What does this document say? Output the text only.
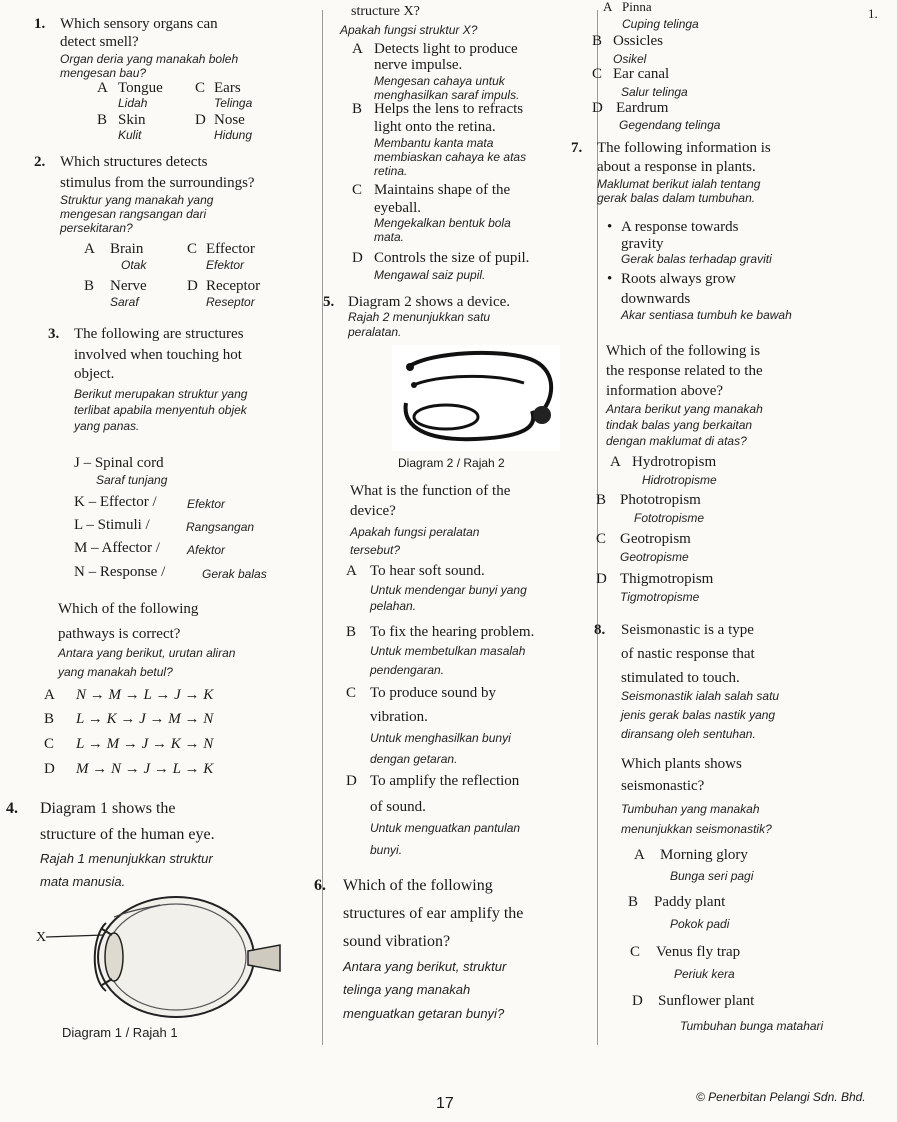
1. Which sensory organs can
detect smell?
Organ deria yang manakah boleh
mengesan bau?
A Tongue
Lidah
C Ears
Telinga
B Skin
Kulit
D Nose
Hidung
2. Which structures detects
stimulus from the surroundings?
Struktur yang manakah yang
mengesan rangsangan dari
persekitaran?
A Brain
Otak
C Effector
Efektor
B Nerve
Saraf
D Receptor
Reseptor
3. The following are structures
involved when touching hot
object.
Berikut merupakan struktur yang
terlibat apabila menyentuh objek
yang panas.
J – Spinal cord
Saraf tunjang
K – Effector /	Efektor
L – Stimuli /	Rangsangan
M – Affector / Afektor
N – Response /	Gerak balas
Which of the following
pathways is correct?
Antara yang berikut, urutan aliran
yang manakah betul?
A N → M → L → J → K
B L → K → J → M → N
C L → M → J → K → N
D M → N → J → L → K
4. Diagram 1 shows the
structure of the human eye.
Rajah 1 menunjukkan struktur
mata manusia.
X
Diagram 1 / Rajah 1
structure X?
Apakah fungsi struktur X?
A Detects light to produce
nerve impulse.
Mengesan cahaya untuk
menghasilkan saraf impuls.
B Helps the lens to refracts
light onto the retina.
Membantu kanta mata
membiaskan cahaya ke atas
retina.
C Maintains shape of the
eyeball.
Mengekalkan bentuk bola
mata.
D Controls the size of pupil.
Mengawal saiz pupil.
5. Diagram 2 shows a device.
Rajah 2 menunjukkan satu
peralatan.
Diagram 2 / Rajah 2
What is the function of the
device?
Apakah fungsi peralatan
tersebut?
A To hear soft sound.
Untuk mendengar bunyi yang
pelahan.
B To fix the hearing problem.
Untuk membetulkan masalah
pendengaran.
C To produce sound by
vibration.
Untuk menghasilkan bunyi
dengan getaran.
D To amplify the reflection
of sound.
Untuk menguatkan pantulan
bunyi.
6. Which of the following
structures of ear amplify the
sound vibration?
Antara yang berikut, struktur
telinga yang manakah
menguatkan getaran bunyi?
A Pinna
Cuping telinga
B Ossicles
Osikel
C Ear canal
Salur telinga
D Eardrum
Gegendang telinga
1.
7. The following information is
about a response in plants.
Maklumat berikut ialah tentang
gerak balas dalam tumbuhan.
• A response towards
gravity
Gerak balas terhadap graviti
• Roots always grow
downwards
Akar sentiasa tumbuh ke bawah
Which of the following is
the response related to the
information above?
Antara berikut yang manakah
tindak balas yang berkaitan
dengan maklumat di atas?
A Hydrotropism
Hidrotropisme
B Phototropism
Fototropisme
C Geotropism
Geotropisme
D Thigmotropism
Tigmotropisme
8. Seismonastic is a type
of nastic response that
stimulated to touch.
Seismonastik ialah salah satu
jenis gerak balas nastik yang
diransang oleh sentuhan.
Which plants shows
seismonastic?
Tumbuhan yang manakah
menunjukkan seismonastik?
A Morning glory
Bunga seri pagi
B Paddy plant
Pokok padi
C Venus fly trap
Periuk kera
D Sunflower plant
Tumbuhan bunga matahari
17	© Penerbitan Pelangi Sdn. Bhd.
